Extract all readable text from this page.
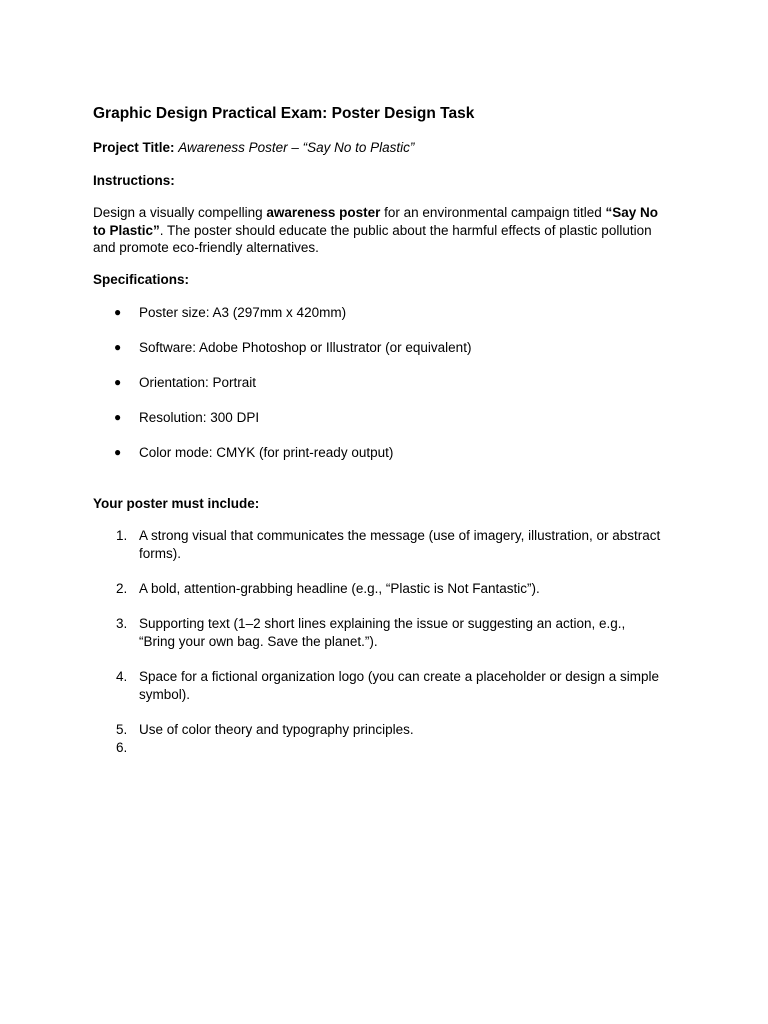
Graphic Design Practical Exam: Poster Design Task
Project Title: Awareness Poster – “Say No to Plastic”
Instructions:
Design a visually compelling awareness poster for an environmental campaign titled “Say No to Plastic”. The poster should educate the public about the harmful effects of plastic pollution and promote eco-friendly alternatives.
Specifications:
● Poster size: A3 (297mm x 420mm)
● Software: Adobe Photoshop or Illustrator (or equivalent)
● Orientation: Portrait
● Resolution: 300 DPI
● Color mode: CMYK (for print-ready output)
Your poster must include:
1. A strong visual that communicates the message (use of imagery, illustration, or abstract forms).
2. A bold, attention-grabbing headline (e.g., “Plastic is Not Fantastic”).
3. Supporting text (1–2 short lines explaining the issue or suggesting an action, e.g., “Bring your own bag. Save the planet.”).
4. Space for a fictional organization logo (you can create a placeholder or design a simple symbol).
5. Use of color theory and typography principles.
6.
